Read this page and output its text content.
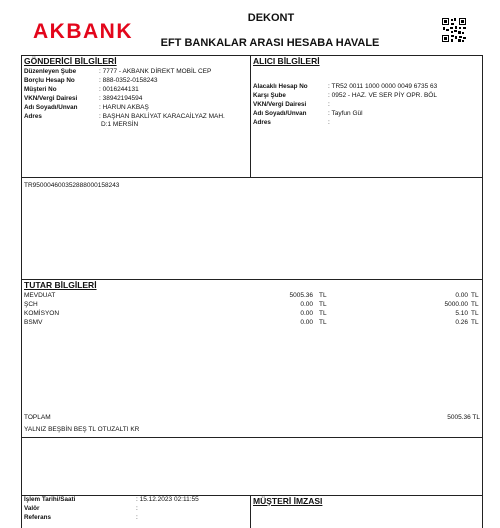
AKBANK
DEKONT
EFT BANKALAR ARASI HESABA HAVALE
GÖNDERİCİ BİLGİLERİ
Düzenleyen Şube	: 7777 - AKBANK DİREKT MOBİL CEP
Borçlu Hesap No	: 888-0352-0158243
Müşteri No	: 0016244131
VKN/Vergi Dairesi	: 38942194594
Adı Soyadı/Unvan	: HARUN AKBAŞ
Adres	: BAŞHAN BAKLİYAT KARACAİLYAZ MAH.
D:1 MERSİN
ALICI BİLGİLERİ
Alacaklı Hesap No	: TR52 0011 1000 0000 0049 6735 63
Karşı Şube	: 0952 - HAZ. VE SER PİY OPR. BÖL
VKN/Vergi Dairesi	:
Adı Soyadı/Unvan	: Tayfun Gül
Adres	:
TR950004600352888000158243
TUTAR BİLGİLERİ
MEVDUAT	5005.36 TL	0.00 TL
ŞCH	0.00 TL	5000.00 TL
KOMİSYON	0.00 TL	5.10 TL
BSMV	0.00 TL	0.26 TL
TOPLAM	5005.36 TL
YALNIZ BEŞBİN BEŞ TL OTUZALTI KR
İşlem Tarihi/Saati	: 15.12.2023 02:11:55
Valör	:
Referans	:
MÜŞTERİ İMZASI
